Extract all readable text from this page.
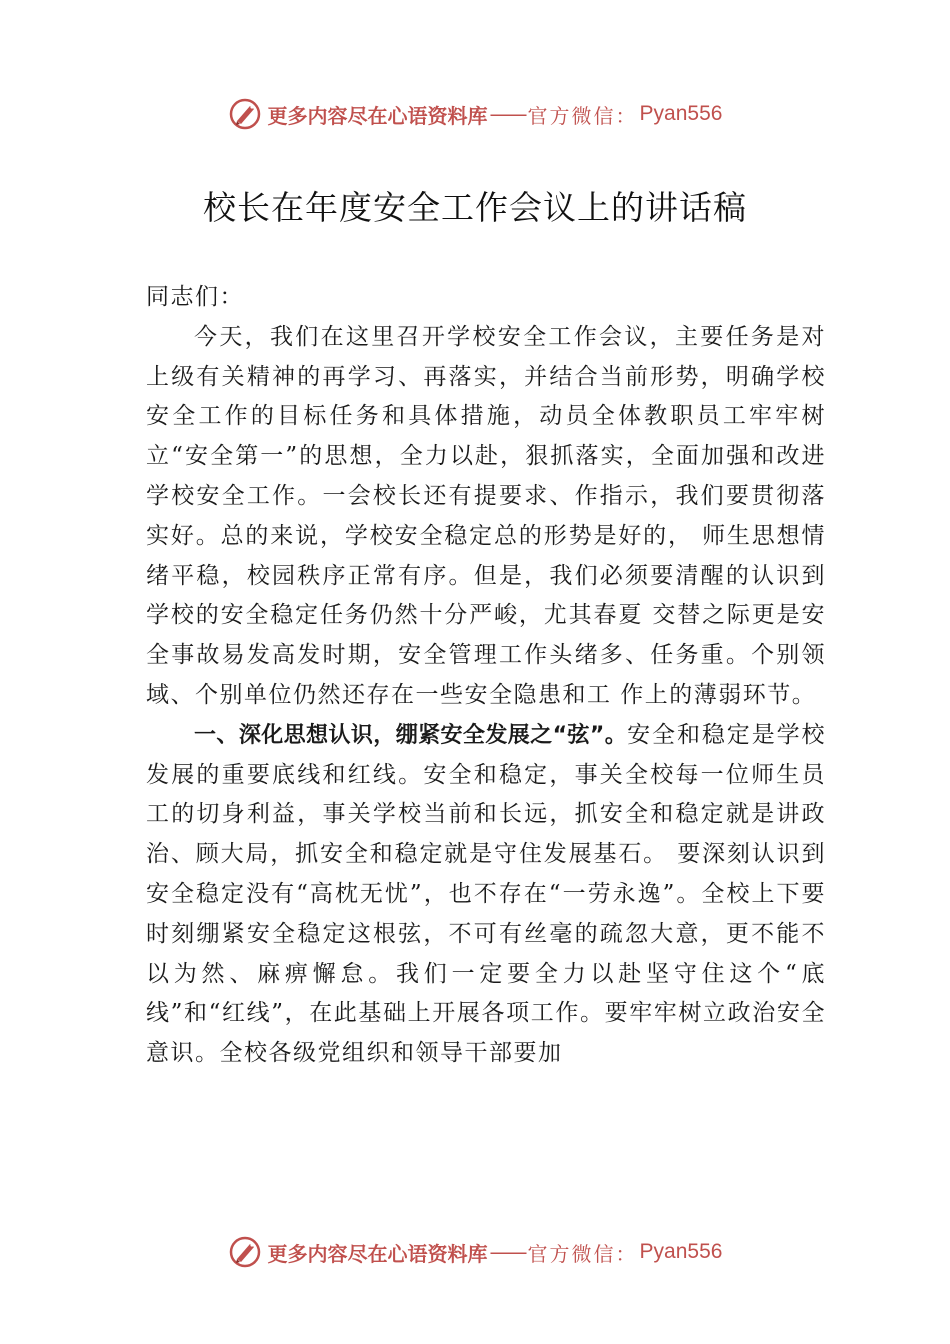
更多内容尽在心语资料库 —— 官方微信： Pyan556
校长在年度安全工作会议上的讲话稿

同志们：

今天，我们在这里召开学校安全工作会议，主要任务是对上级有关精神的再学习、再落实，并结合当前形势，明确学校安全工作的目标任务和具体措施，动员全体教职员工牢牢树立“安全第一”的思想，全力以赴，狠抓落实，全面加强和改进学校安全工作。一会校长还有提要求、作指示，我们要贯彻落实好。总的来说，学校安全稳定总的形势是好的， 师生思想情绪平稳，校园秩序正常有序。但是，我们必须要清醒的认识到学校的安全稳定任务仍然十分严峻，尤其春夏 交替之际更是安全事故易发高发时期，安全管理工作头绪多、任务重。个别领域、个别单位仍然还存在一些安全隐患和工 作上的薄弱环节。

一、深化思想认识，绷紧安全发展之“弦”。安全和稳定是学校发展的重要底线和红线。安全和稳定，事关全校每一位师生员工的切身利益，事关学校当前和长远，抓安全和稳定就是讲政治、顾大局，抓安全和稳定就是守住发展基石。 要深刻认识到安全稳定没有“高枕无忧”，也不存在“一劳永逸”。全校上下要时刻绷紧安全稳定这根弦，不可有丝毫的疏忽大意，更不能不以为然、麻痹懈怠。我们一定要全力以赴坚守住这个“底线”和“红线”，在此基础上开展各项工作。要牢牢树立政治安全意识。全校各级党组织和领导干部要加

更多内容尽在心语资料库 —— 官方微信： Pyan556
